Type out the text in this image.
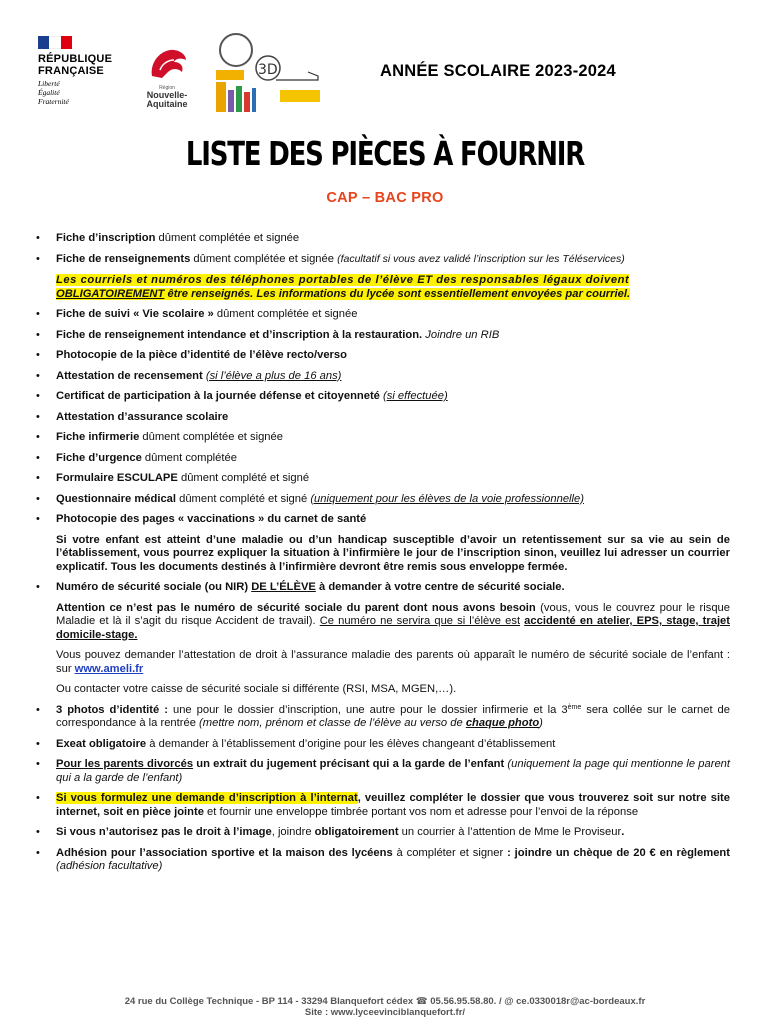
RÉPUBLIQUE
FRANÇAISE
Liberté
Égalité
Fraternité
Région
Nouvelle-
Aquitaine
3D	ANNÉE SCOLAIRE 2023-2024
LISTE DES PIÈCES À FOURNIR
CAP – BAC PRO
• Fiche d’inscription dûment complétée et signée
• Fiche de renseignements dûment complétée et signée (facultatif si vous avez validé l’inscription sur les Téléservices)
Les courriels et numéros des téléphones portables de l’élève ET des responsables légaux doivent
OBLIGATOIREMENT être renseignés. Les informations du lycée sont essentiellement envoyées par courriel.
• Fiche de suivi « Vie scolaire » dûment complétée et signée
• Fiche de renseignement intendance et d’inscription à la restauration. Joindre un RIB
• Photocopie de la pièce d’identité de l’élève recto/verso
• Attestation de recensement (si l’élève a plus de 16 ans)
• Certificat de participation à la journée défense et citoyenneté (si effectuée)
• Attestation d’assurance scolaire
• Fiche infirmerie dûment complétée et signée
• Fiche d’urgence dûment complétée
• Formulaire ESCULAPE dûment complété et signé
• Questionnaire médical dûment complété et signé (uniquement pour les élèves de la voie professionnelle)
• Photocopie des pages « vaccinations » du carnet de santé
Si votre enfant est atteint d’une maladie ou d’un handicap susceptible d’avoir un retentissement sur sa vie au sein de l’établissement, vous pourrez expliquer la situation à l’infirmière le jour de l’inscription sinon, veuillez lui adresser un courrier explicatif. Tous les documents destinés à l’infirmière devront être remis sous enveloppe fermée.
• Numéro de sécurité sociale (ou NIR) DE L’ÉLÈVE à demander à votre centre de sécurité sociale.
Attention ce n’est pas le numéro de sécurité sociale du parent dont nous avons besoin (vous, vous le couvrez pour le risque Maladie et là il s’agit du risque Accident de travail). Ce numéro ne servira que si l’élève est accidenté en atelier, EPS, stage, trajet domicile-stage.
Vous pouvez demander l’attestation de droit à l’assurance maladie des parents où apparaît le numéro de sécurité sociale de l’enfant : sur www.ameli.fr
Ou contacter votre caisse de sécurité sociale si différente (RSI, MSA, MGEN,…).
• 3 photos d’identité : une pour le dossier d’inscription, une autre pour le dossier infirmerie et la 3ème sera collée sur le carnet de correspondance à la rentrée (mettre nom, prénom et classe de l’élève au verso de chaque photo)
• Exeat obligatoire à demander à l’établissement d’origine pour les élèves changeant d’établissement
• Pour les parents divorcés un extrait du jugement précisant qui a la garde de l’enfant (uniquement la page qui mentionne le parent qui a la garde de l’enfant)
• Si vous formulez une demande d’inscription à l’internat, veuillez compléter le dossier que vous trouverez soit sur notre site internet, soit en pièce jointe et fournir une enveloppe timbrée portant vos nom et adresse pour l’envoi de la réponse
• Si vous n’autorisez pas le droit à l’image, joindre obligatoirement un courrier à l’attention de Mme le Proviseur.
• Adhésion pour l’association sportive et la maison des lycéens à compléter et signer : joindre un chèque de 20 € en règlement (adhésion facultative)
24 rue du Collège Technique - BP 114 - 33294 Blanquefort cédex ☎ 05.56.95.58.80. / @ ce.0330018r@ac-bordeaux.fr
Site : www.lyceevinciblanquefort.fr/
